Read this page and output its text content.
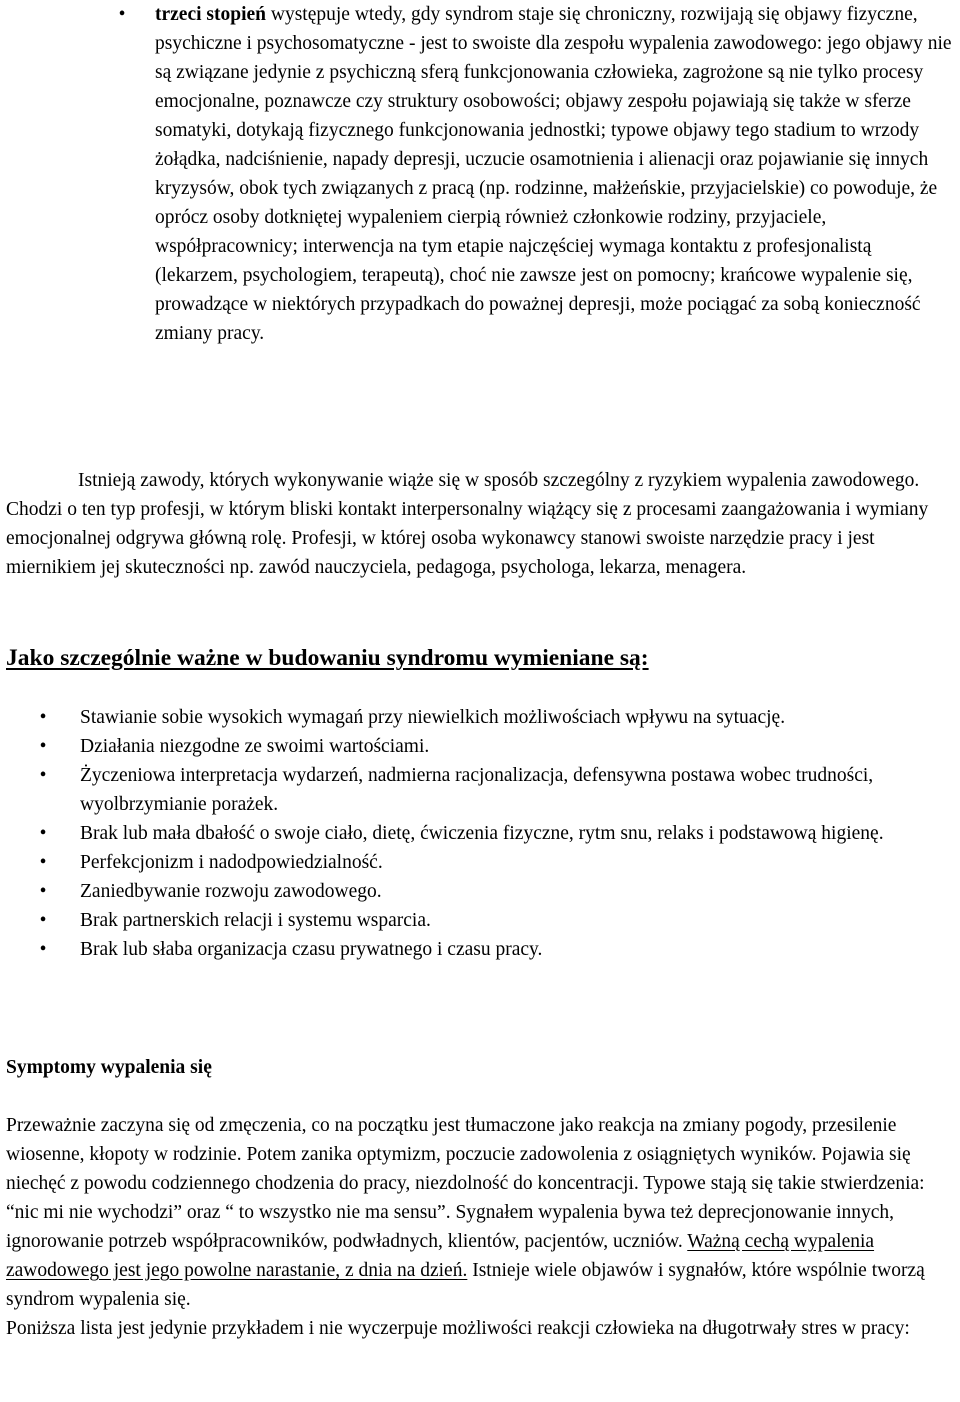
• trzeci stopień występuje wtedy, gdy syndrom staje się chroniczny, rozwijają się objawy fizyczne, psychiczne i psychosomatyczne - jest to swoiste dla zespołu wypalenia zawodowego: jego objawy nie są związane jedynie z psychiczną sferą funkcjonowania człowieka, zagrożone są nie tylko procesy emocjonalne, poznawcze czy struktury osobowości; objawy zespołu pojawiają się także w sferze somatyki, dotykają fizycznego funkcjonowania jednostki; typowe objawy tego stadium to wrzody żołądka, nadciśnienie, napady depresji, uczucie osamotnienia i alienacji oraz pojawianie się innych kryzysów, obok tych związanych z pracą (np. rodzinne, małżeńskie, przyjacielskie) co powoduje, że oprócz osoby dotkniętej wypaleniem cierpią również członkowie rodziny, przyjaciele, współpracownicy; interwencja na tym etapie najczęściej wymaga kontaktu z profesjonalistą (lekarzem, psychologiem, terapeutą), choć nie zawsze jest on pomocny; krańcowe wypalenie się, prowadzące w niektórych przypadkach do poważnej depresji, może pociągać za sobą konieczność zmiany pracy.

Istnieją zawody, których wykonywanie wiąże się w sposób szczególny z ryzykiem wypalenia zawodowego. Chodzi o ten typ profesji, w którym bliski kontakt interpersonalny wiążący się z procesami zaangażowania i wymiany emocjonalnej odgrywa główną rolę. Profesji, w której osoba wykonawcy stanowi swoiste narzędzie pracy i jest miernikiem jej skuteczności np. zawód nauczyciela, pedagoga, psychologa, lekarza, menagera.

Jako szczególnie ważne w budowaniu syndromu wymieniane są:
• Stawianie sobie wysokich wymagań przy niewielkich możliwościach wpływu na sytuację.
• Działania niezgodne ze swoimi wartościami.
• Życzeniowa interpretacja wydarzeń, nadmierna racjonalizacja, defensywna postawa wobec trudności, wyolbrzymianie porażek.
• Brak lub mała dbałość o swoje ciało, dietę, ćwiczenia fizyczne, rytm snu, relaks i podstawową higienę.
• Perfekcjonizm i nadodpowiedzialność.
• Zaniedbywanie rozwoju zawodowego.
• Brak partnerskich relacji i systemu wsparcia.
• Brak lub słaba organizacja czasu prywatnego i czasu pracy.

Symptomy wypalenia się

Przeważnie zaczyna się od zmęczenia, co na początku jest tłumaczone jako reakcja na zmiany pogody, przesilenie wiosenne, kłopoty w rodzinie. Potem zanika optymizm, poczucie zadowolenia z osiągniętych wyników. Pojawia się niechęć z powodu codziennego chodzenia do pracy, niezdolność do koncentracji. Typowe stają się takie stwierdzenia: “nic mi nie wychodzi” oraz “ to wszystko nie ma sensu”. Sygnałem wypalenia bywa też deprecjonowanie innych, ignorowanie potrzeb współpracowników, podwładnych, klientów, pacjentów, uczniów. Ważną cechą wypalenia zawodowego jest jego powolne narastanie, z dnia na dzień. Istnieje wiele objawów i sygnałów, które wspólnie tworzą syndrom wypalenia się.

Poniższa lista jest jedynie przykładem i nie wyczerpuje możliwości reakcji człowieka na długotrwały stres w pracy:
